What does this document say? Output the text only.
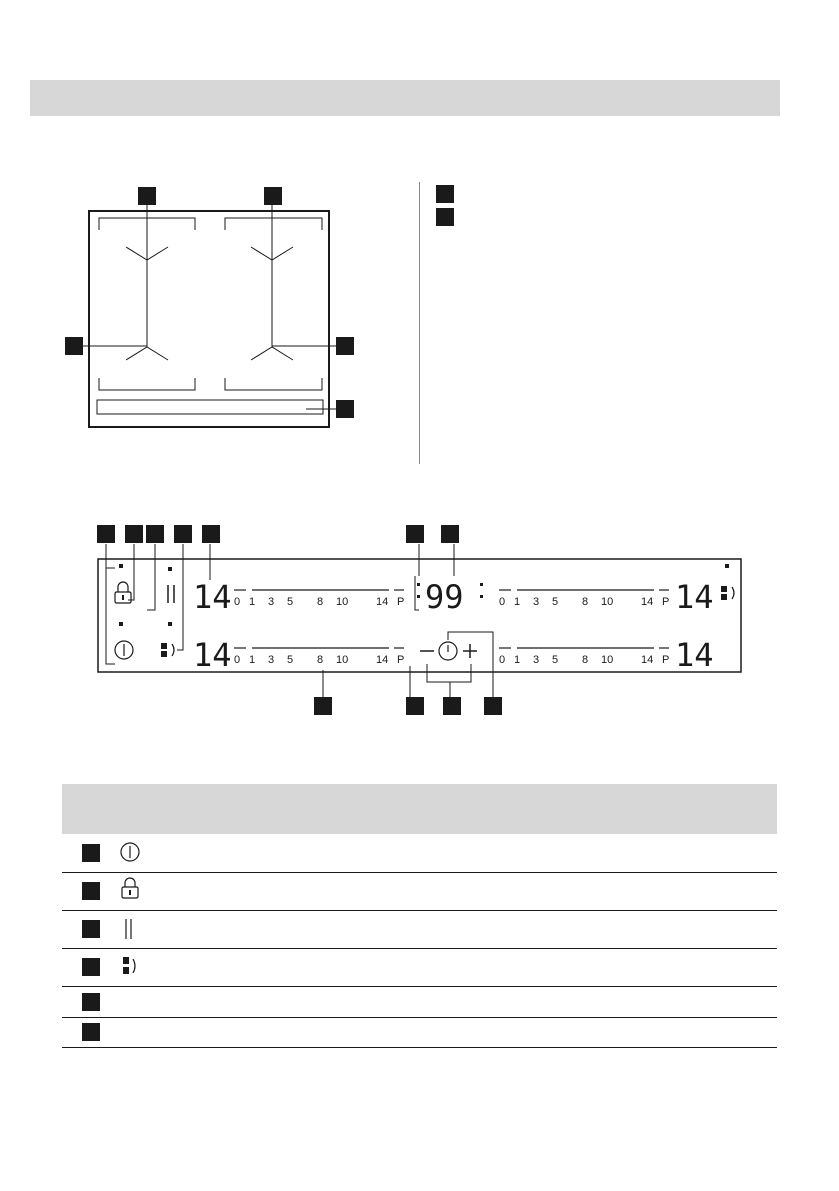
0 1 3 5 8 10	14 P
0 1 3 5 8 10	14 P
0 1 3 5 8 10	14 P
0 1 3 5 8 10	14 P
14
14
14
14
99
